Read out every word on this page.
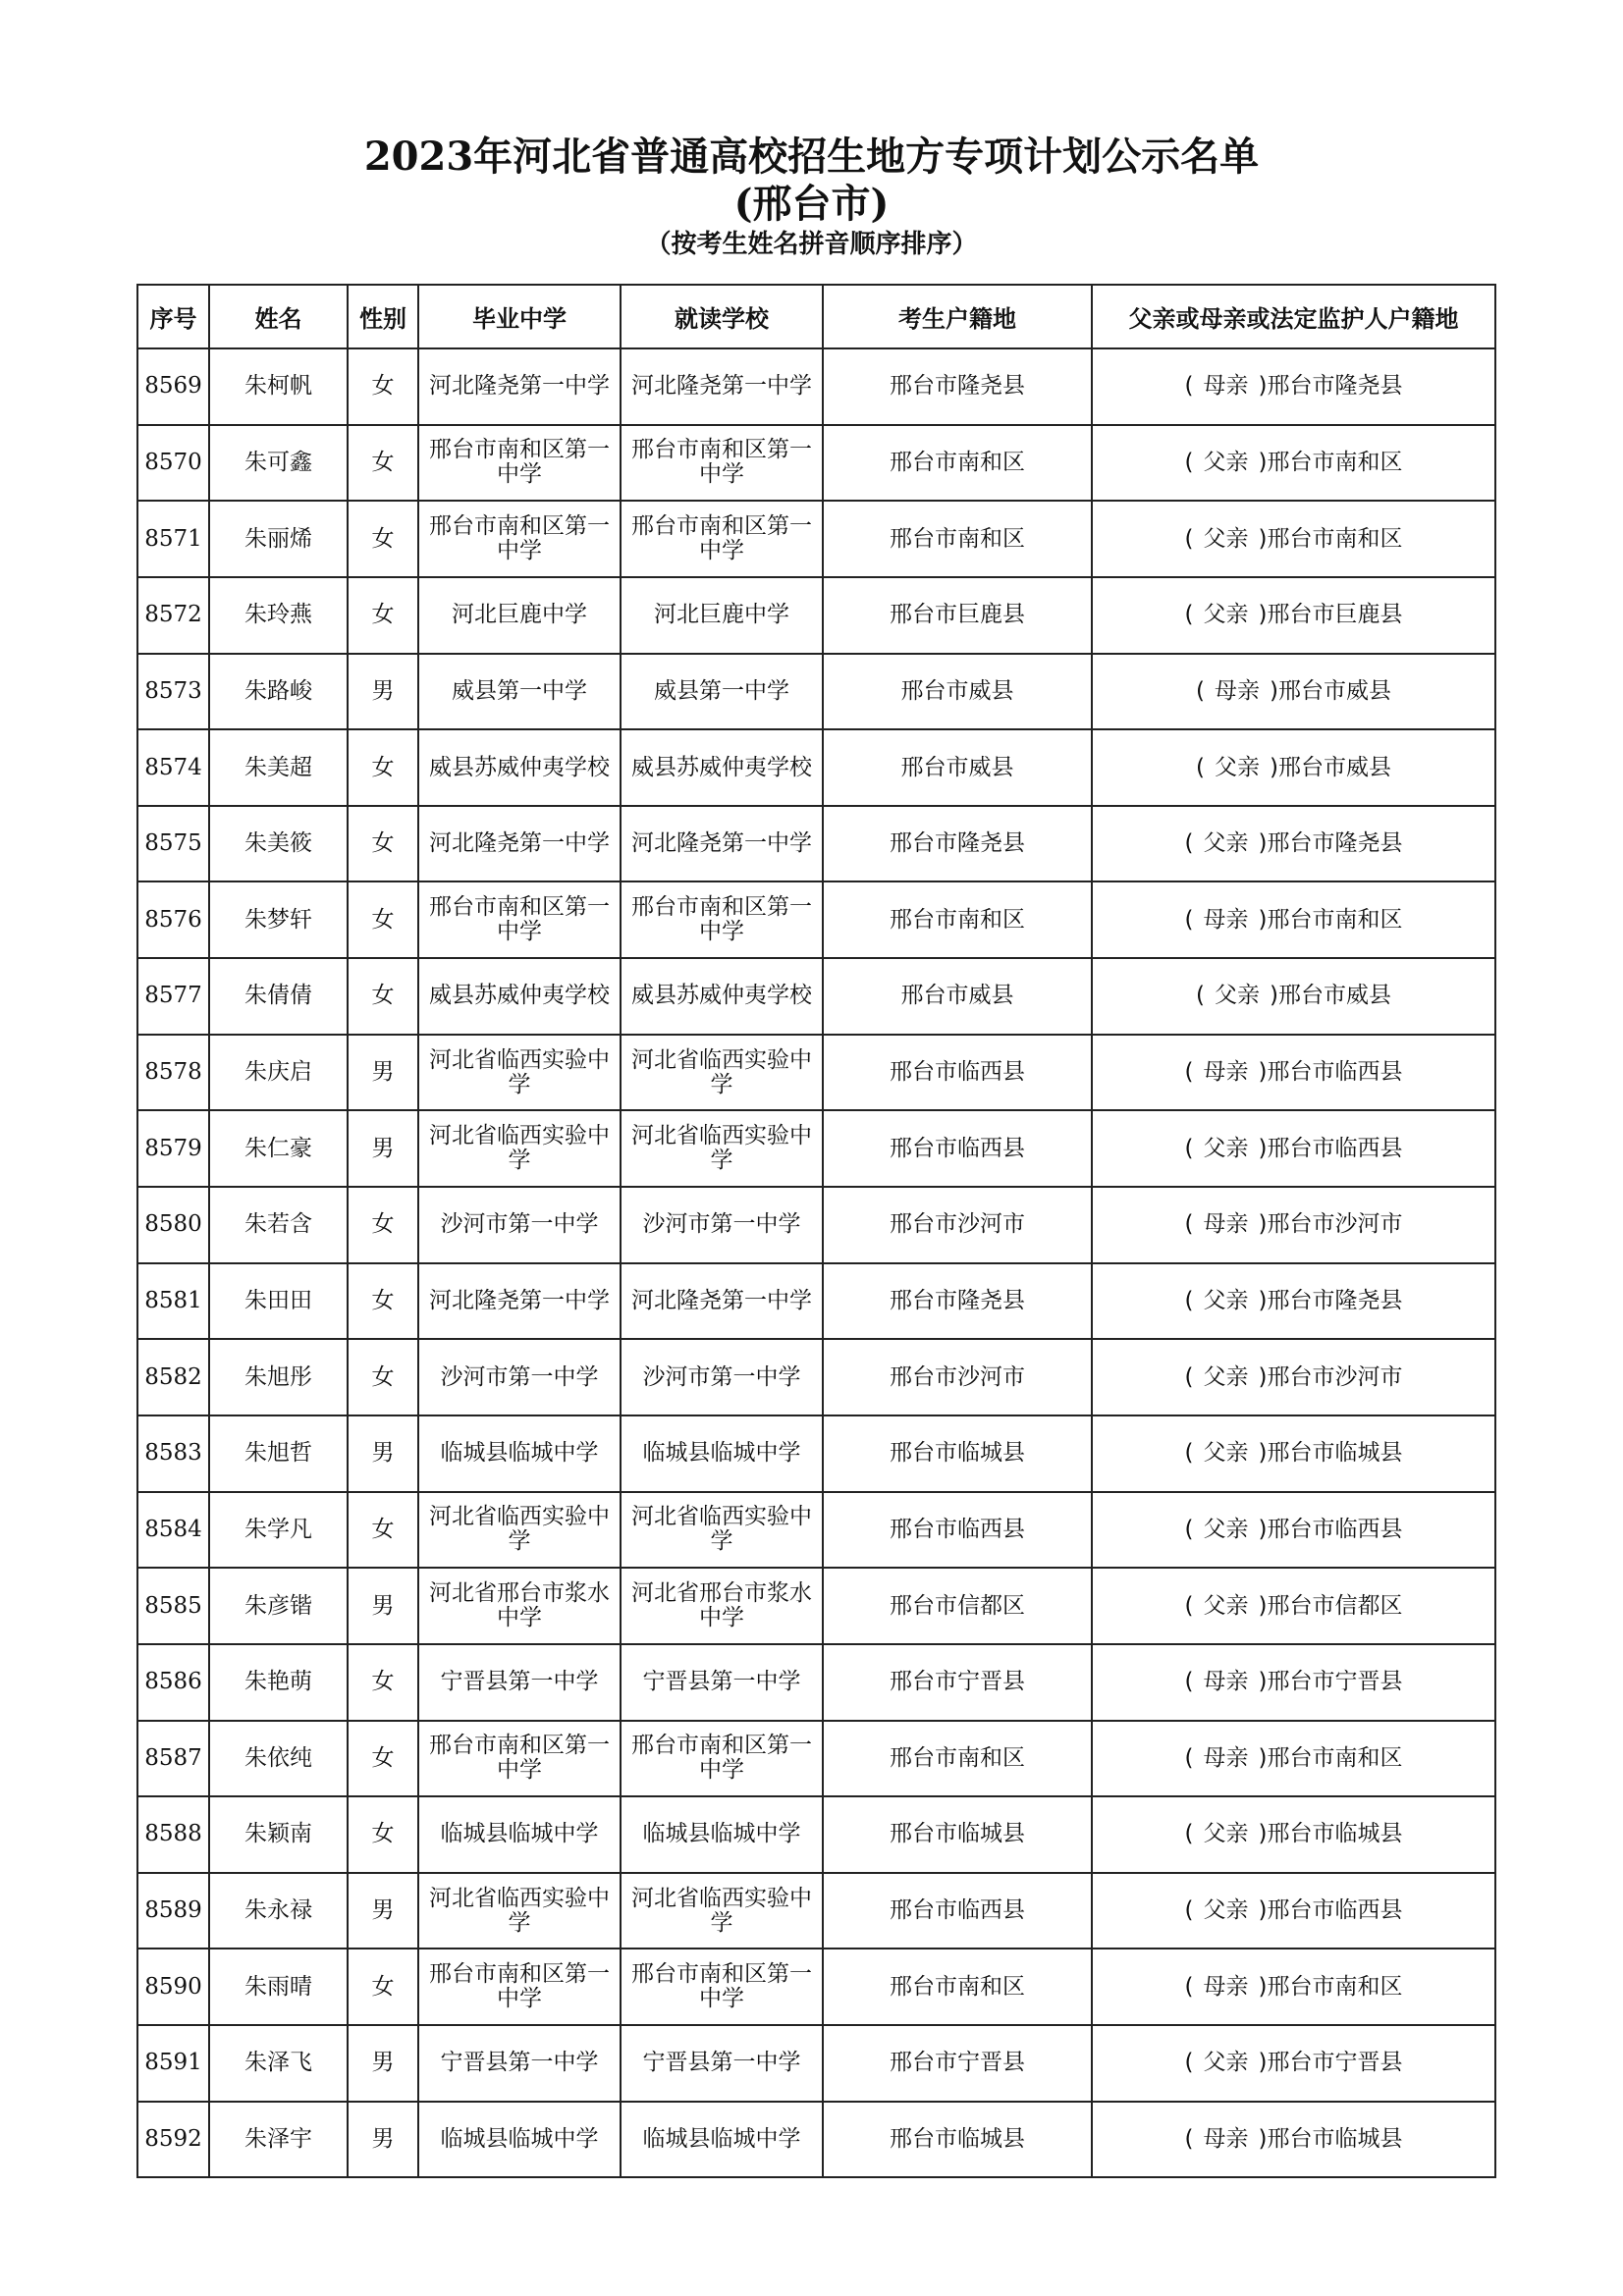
2023年河北省普通高校招生地方专项计划公示名单
(邢台市)
（按考生姓名拼音顺序排序）
序号	姓名	性别	毕业中学	就读学校	考生户籍地	父亲或母亲或法定监护人户籍地
8569	朱柯帆	女	河北隆尧第一中学	河北隆尧第一中学	邢台市隆尧县	( 母亲 )邢台市隆尧县
8570	朱可鑫	女	邢台市南和区第一中学	邢台市南和区第一中学	邢台市南和区	( 父亲 )邢台市南和区
8571	朱丽烯	女	邢台市南和区第一中学	邢台市南和区第一中学	邢台市南和区	( 父亲 )邢台市南和区
8572	朱玲燕	女	河北巨鹿中学	河北巨鹿中学	邢台市巨鹿县	( 父亲 )邢台市巨鹿县
8573	朱路峻	男	威县第一中学	威县第一中学	邢台市威县	( 母亲 )邢台市威县
8574	朱美超	女	威县苏威仲夷学校	威县苏威仲夷学校	邢台市威县	( 父亲 )邢台市威县
8575	朱美筱	女	河北隆尧第一中学	河北隆尧第一中学	邢台市隆尧县	( 父亲 )邢台市隆尧县
8576	朱梦轩	女	邢台市南和区第一中学	邢台市南和区第一中学	邢台市南和区	( 母亲 )邢台市南和区
8577	朱倩倩	女	威县苏威仲夷学校	威县苏威仲夷学校	邢台市威县	( 父亲 )邢台市威县
8578	朱庆启	男	河北省临西实验中学	河北省临西实验中学	邢台市临西县	( 母亲 )邢台市临西县
8579	朱仁豪	男	河北省临西实验中学	河北省临西实验中学	邢台市临西县	( 父亲 )邢台市临西县
8580	朱若含	女	沙河市第一中学	沙河市第一中学	邢台市沙河市	( 母亲 )邢台市沙河市
8581	朱田田	女	河北隆尧第一中学	河北隆尧第一中学	邢台市隆尧县	( 父亲 )邢台市隆尧县
8582	朱旭彤	女	沙河市第一中学	沙河市第一中学	邢台市沙河市	( 父亲 )邢台市沙河市
8583	朱旭哲	男	临城县临城中学	临城县临城中学	邢台市临城县	( 父亲 )邢台市临城县
8584	朱学凡	女	河北省临西实验中学	河北省临西实验中学	邢台市临西县	( 父亲 )邢台市临西县
8585	朱彦锴	男	河北省邢台市浆水中学	河北省邢台市浆水中学	邢台市信都区	( 父亲 )邢台市信都区
8586	朱艳萌	女	宁晋县第一中学	宁晋县第一中学	邢台市宁晋县	( 母亲 )邢台市宁晋县
8587	朱依纯	女	邢台市南和区第一中学	邢台市南和区第一中学	邢台市南和区	( 母亲 )邢台市南和区
8588	朱颖南	女	临城县临城中学	临城县临城中学	邢台市临城县	( 父亲 )邢台市临城县
8589	朱永禄	男	河北省临西实验中学	河北省临西实验中学	邢台市临西县	( 父亲 )邢台市临西县
8590	朱雨晴	女	邢台市南和区第一中学	邢台市南和区第一中学	邢台市南和区	( 母亲 )邢台市南和区
8591	朱泽飞	男	宁晋县第一中学	宁晋县第一中学	邢台市宁晋县	( 父亲 )邢台市宁晋县
8592	朱泽宇	男	临城县临城中学	临城县临城中学	邢台市临城县	( 母亲 )邢台市临城县
